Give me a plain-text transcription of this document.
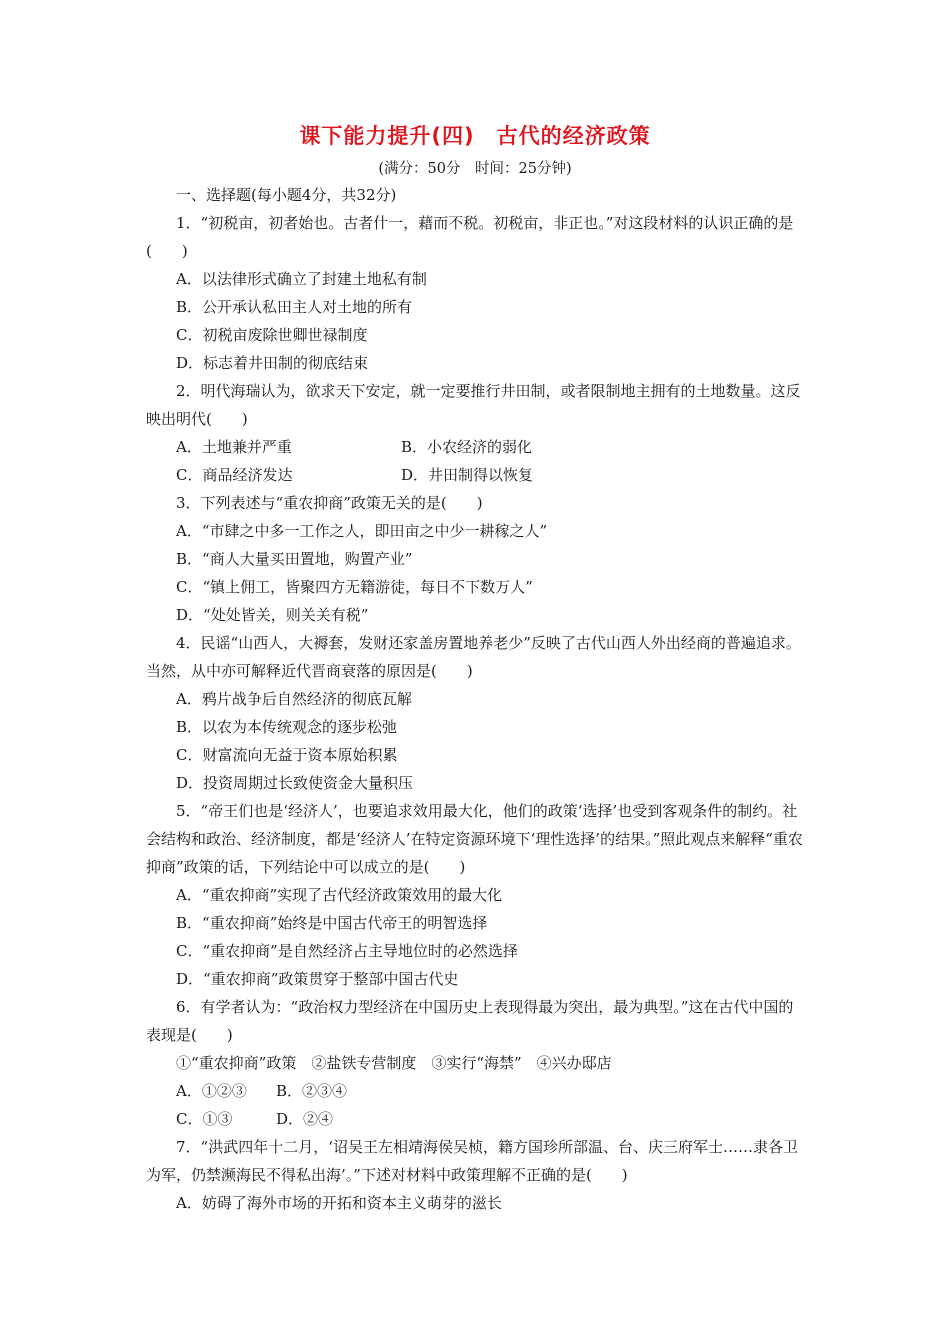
课下能力提升(四)　古代的经济政策
(满分：50分　时间：25分钟)

一、选择题(每小题4分，共32分)

1．“初税亩，初者始也。古者什一，藉而不税。初税亩，非正也。”对这段材料的认识正确的是(　　)

A．以法律形式确立了封建土地私有制
B．公开承认私田主人对土地的所有
C．初税亩废除世卿世禄制度
D．标志着井田制的彻底结束

2．明代海瑞认为，欲求天下安定，就一定要推行井田制，或者限制地主拥有的土地数量。这反映出明代(　　)

A．土地兼并严重	B．小农经济的弱化
C．商品经济发达	D．井田制得以恢复

3．下列表述与“重农抑商”政策无关的是(　　)

A．“市肆之中多一工作之人，即田亩之中少一耕稼之人”
B．“商人大量买田置地，购置产业”
C．“镇上佣工，皆聚四方无籍游徒，每日不下数万人”
D．“处处皆关，则关关有税”

4．民谣“山西人，大褥套，发财还家盖房置地养老少”反映了古代山西人外出经商的普遍追求。当然，从中亦可解释近代晋商衰落的原因是(　　)

A．鸦片战争后自然经济的彻底瓦解
B．以农为本传统观念的逐步松弛
C．财富流向无益于资本原始积累
D．投资周期过长致使资金大量积压

5．“帝王们也是‘经济人’，也要追求效用最大化，他们的政策‘选择’也受到客观条件的制约。社会结构和政治、经济制度，都是‘经济人’在特定资源环境下‘理性选择’的结果。”照此观点来解释“重农抑商”政策的话，下列结论中可以成立的是(　　)

A．“重农抑商”实现了古代经济政策效用的最大化
B．“重农抑商”始终是中国古代帝王的明智选择
C．“重农抑商”是自然经济占主导地位时的必然选择
D．“重农抑商”政策贯穿于整部中国古代史

6．有学者认为：“政治权力型经济在中国历史上表现得最为突出，最为典型。”这在古代中国的表现是(　　)

①“重农抑商”政策　②盐铁专营制度　③实行“海禁”　④兴办邸店
A．①②③	B．②③④
C．①③	D．②④

7．“洪武四年十二月，‘诏吴王左相靖海侯吴桢，籍方国珍所部温、台、庆三府军士……隶各卫为军，仍禁濒海民不得私出海’。”下述对材料中政策理解不正确的是(　　)

A．妨碍了海外市场的开拓和资本主义萌芽的滋长
